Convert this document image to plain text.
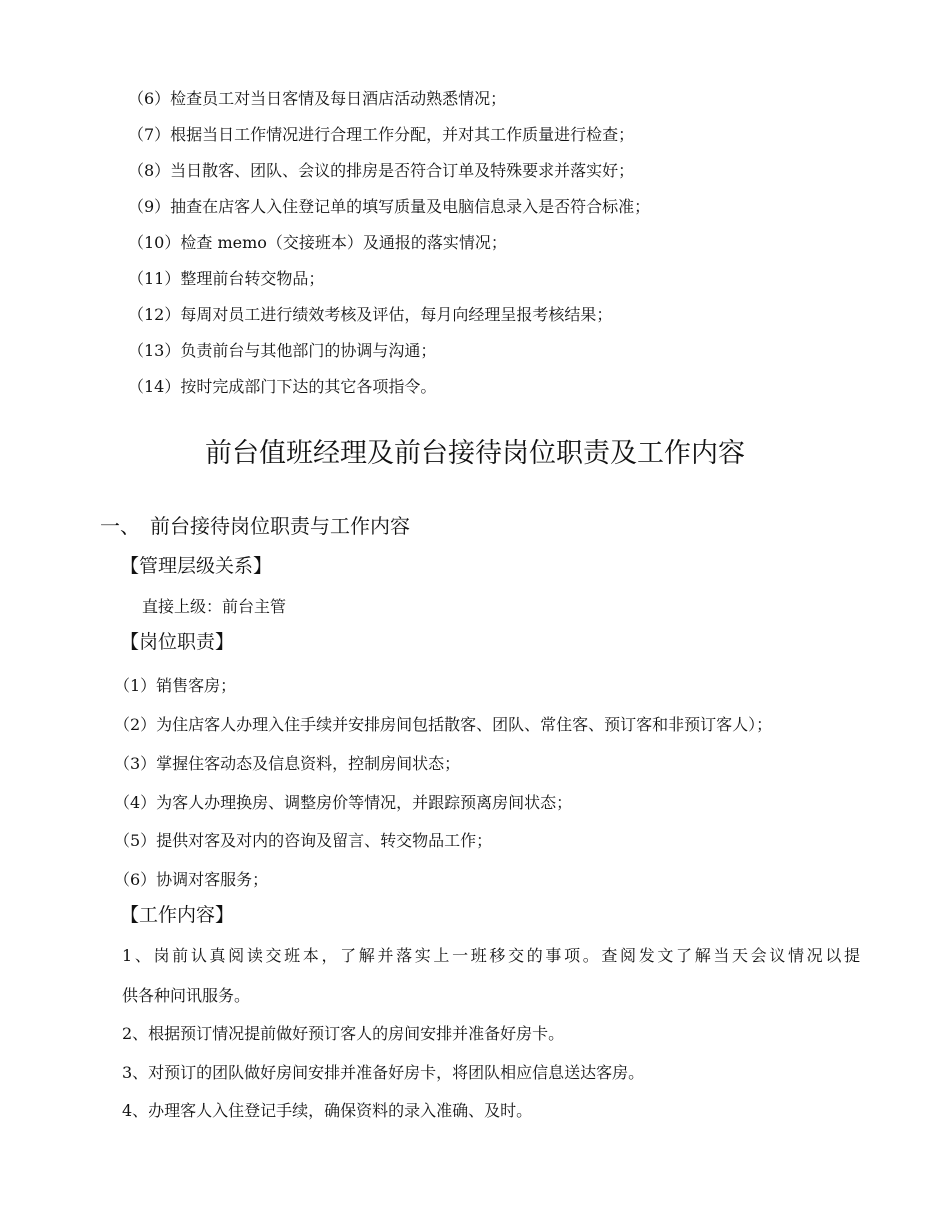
（6）检查员工对当日客情及每日酒店活动熟悉情况；
（7）根据当日工作情况进行合理工作分配，并对其工作质量进行检查；
（8）当日散客、团队、会议的排房是否符合订单及特殊要求并落实好；
（9）抽查在店客人入住登记单的填写质量及电脑信息录入是否符合标准；
（10）检查 memo（交接班本）及通报的落实情况；
（11）整理前台转交物品；
（12）每周对员工进行绩效考核及评估，每月向经理呈报考核结果；
（13）负责前台与其他部门的协调与沟通；
（14）按时完成部门下达的其它各项指令。
前台值班经理及前台接待岗位职责及工作内容
一、　前台接待岗位职责与工作内容
【管理层级关系】
直接上级：前台主管
【岗位职责】
（1）销售客房；
（2）为住店客人办理入住手续并安排房间包括散客、团队、常住客、预订客和非预订客人）；
（3）掌握住客动态及信息资料，控制房间状态；
（4）为客人办理换房、调整房价等情况，并跟踪预离房间状态；
（5）提供对客及对内的咨询及留言、转交物品工作；
（6）协调对客服务；
【工作内容】
1、岗前认真阅读交班本，了解并落实上一班移交的事项。查阅发文了解当天会议情况以提
供各种问讯服务。
2、根据预订情况提前做好预订客人的房间安排并准备好房卡。
3、对预订的团队做好房间安排并准备好房卡，将团队相应信息送达客房。
4、办理客人入住登记手续，确保资料的录入准确、及时。
